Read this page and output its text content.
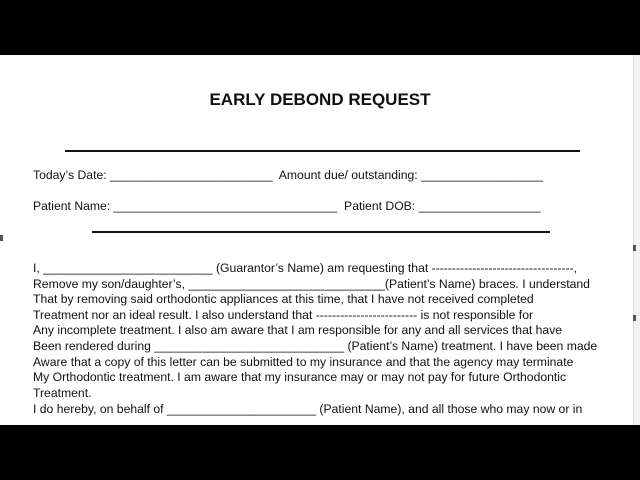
EARLY DEBOND REQUEST
Today’s Date: ________________________  Amount due/ outstanding: __________________
Patient Name: _________________________________  Patient DOB: __________________
I, _________________________ (Guarantor’s Name) am requesting that -----------------------------------,
Remove my son/daughter’s, _____________________________(Patient’s Name) braces. I understand
That by removing said orthodontic appliances at this time, that I have not received completed
Treatment nor an ideal result. I also understand that ------------------------- is not responsible for
Any incomplete treatment. I also am aware that I am responsible for any and all services that have
Been rendered during ____________________________ (Patient’s Name) treatment. I have been made
Aware that a copy of this letter can be submitted to my insurance and that the agency may terminate
My Orthodontic treatment. I am aware that my insurance may or may not pay for future Orthodontic
Treatment.
I do hereby, on behalf of ______________________ (Patient Name), and all those who may now or in
